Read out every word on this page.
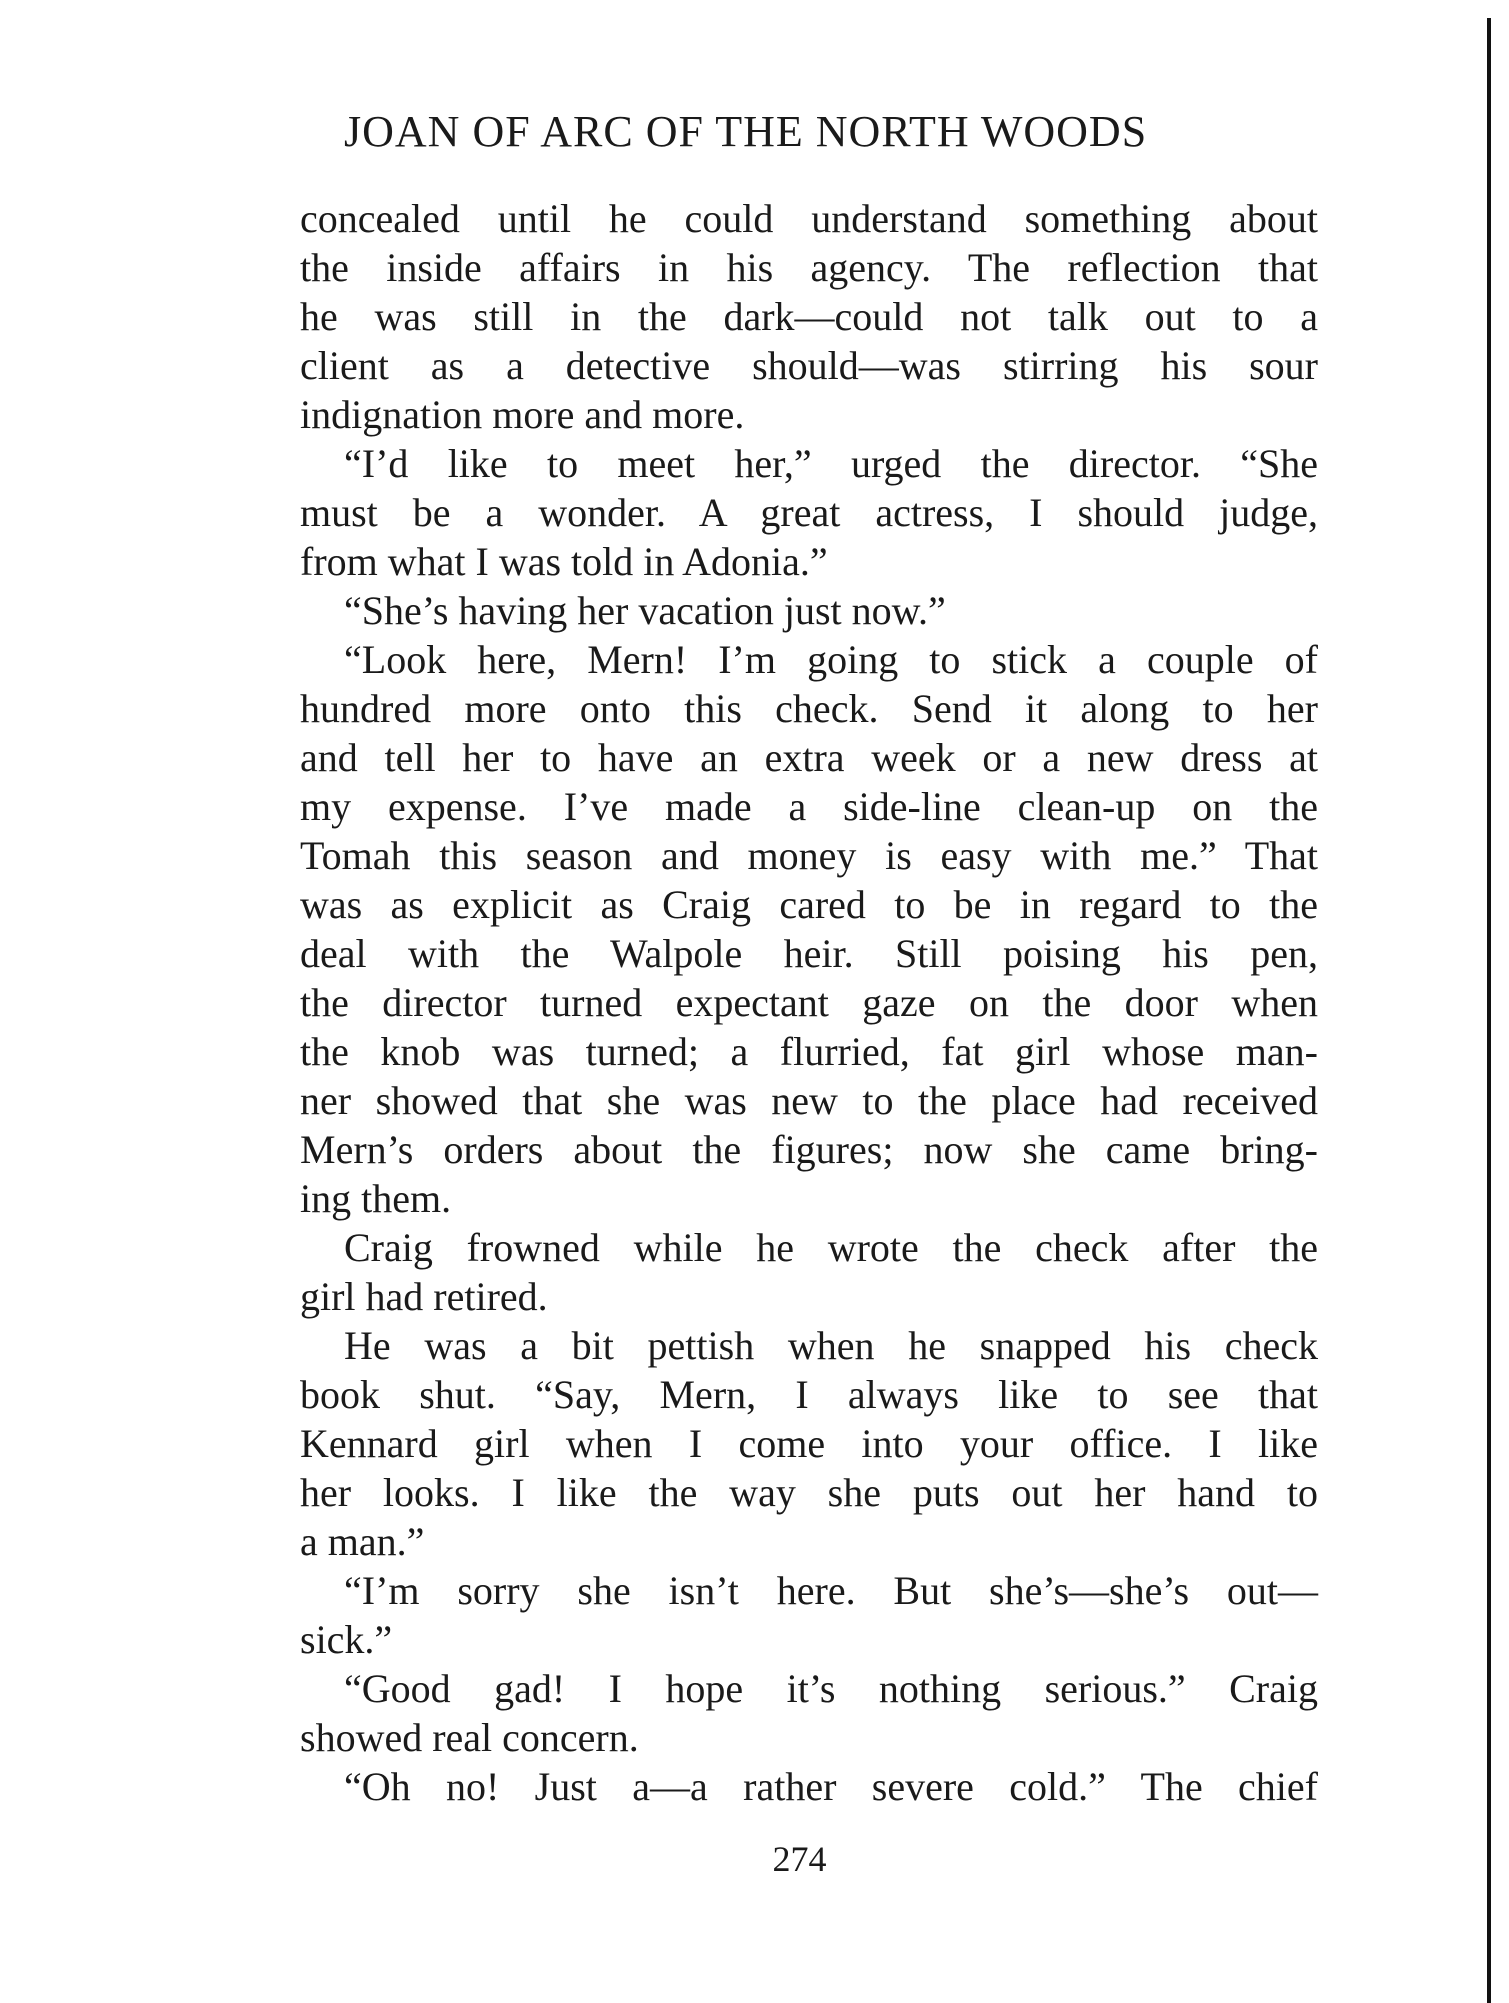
JOAN OF ARC OF THE NORTH WOODS
concealed until he could understand something about
the inside affairs in his agency. The reflection that
he was still in the dark—could not talk out to a
client as a detective should—was stirring his sour
indignation more and more.
“I’d like to meet her,” urged the director. “She
must be a wonder. A great actress, I should judge,
from what I was told in Adonia.”
“She’s having her vacation just now.”
“Look here, Mern! I’m going to stick a couple of
hundred more onto this check. Send it along to her
and tell her to have an extra week or a new dress at
my expense. I’ve made a side-line clean-up on the
Tomah this season and money is easy with me.” That
was as explicit as Craig cared to be in regard to the
deal with the Walpole heir. Still poising his pen,
the director turned expectant gaze on the door when
the knob was turned; a flurried, fat girl whose man-
ner showed that she was new to the place had received
Mern’s orders about the figures; now she came bring-
ing them.
Craig frowned while he wrote the check after the
girl had retired.
He was a bit pettish when he snapped his check
book shut. “Say, Mern, I always like to see that
Kennard girl when I come into your office. I like
her looks. I like the way she puts out her hand to
a man.”
“I’m sorry she isn’t here. But she’s—she’s out—
sick.”
“Good gad! I hope it’s nothing serious.” Craig
showed real concern.
“Oh no! Just a—a rather severe cold.” The chief
274
